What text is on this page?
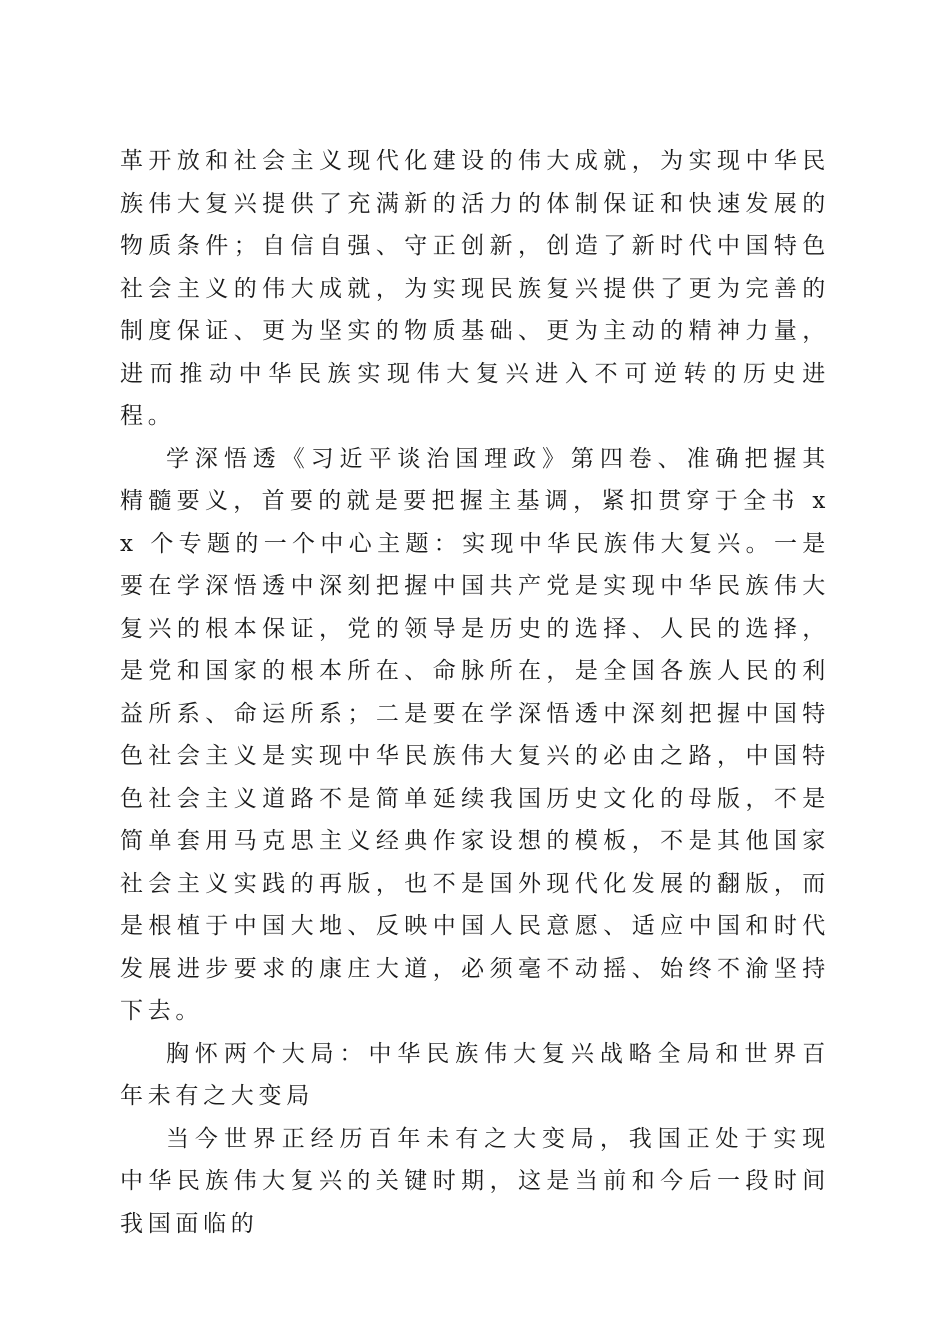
革开放和社会主义现代化建设的伟大成就，为实现中华民族伟大复兴提供了充满新的活力的体制保证和快速发展的物质条件；自信自强、守正创新，创造了新时代中国特色社会主义的伟大成就，为实现民族复兴提供了更为完善的制度保证、更为坚实的物质基础、更为主动的精神力量，进而推动中华民族实现伟大复兴进入不可逆转的历史进程。

学深悟透《习近平谈治国理政》第四卷、准确把握其精髓要义，首要的就是要把握主基调，紧扣贯穿于全书 xx 个专题的一个中心主题：实现中华民族伟大复兴。一是要在学深悟透中深刻把握中国共产党是实现中华民族伟大复兴的根本保证，党的领导是历史的选择、人民的选择，是党和国家的根本所在、命脉所在，是全国各族人民的利益所系、命运所系；二是要在学深悟透中深刻把握中国特色社会主义是实现中华民族伟大复兴的必由之路，中国特色社会主义道路不是简单延续我国历史文化的母版，不是简单套用马克思主义经典作家设想的模板，不是其他国家社会主义实践的再版，也不是国外现代化发展的翻版，而是根植于中国大地、反映中国人民意愿、适应中国和时代发展进步要求的康庄大道，必须毫不动摇、始终不渝坚持下去。

胸怀两个大局：中华民族伟大复兴战略全局和世界百年未有之大变局

当今世界正经历百年未有之大变局，我国正处于实现中华民族伟大复兴的关键时期，这是当前和今后一段时间我国面临的
